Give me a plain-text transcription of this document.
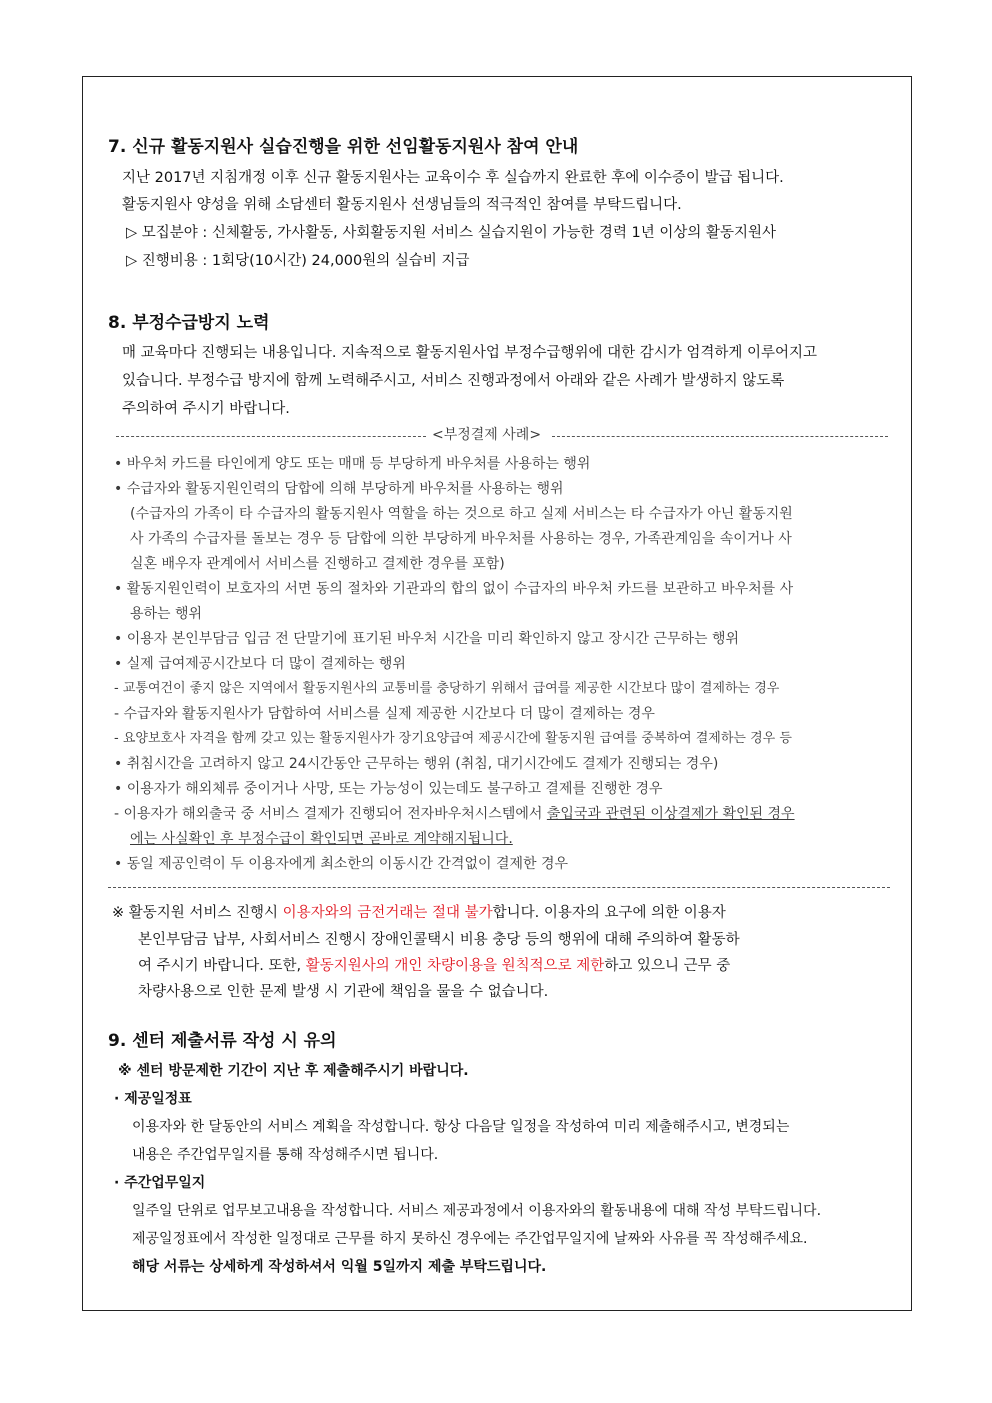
7. 신규 활동지원사 실습진행을 위한 선임활동지원사 참여 안내
지난 2017년 지침개정 이후 신규 활동지원사는 교육이수 후 실습까지 완료한 후에 이수증이 발급 됩니다.
활동지원사 양성을 위해 소담센터 활동지원사 선생님들의 적극적인 참여를 부탁드립니다.
▷ 모집분야 : 신체활동, 가사활동, 사회활동지원 서비스 실습지원이 가능한 경력 1년 이상의 활동지원사
▷ 진행비용 : 1회당(10시간) 24,000원의 실습비 지급
8. 부정수급방지 노력
매 교육마다 진행되는 내용입니다. 지속적으로 활동지원사업 부정수급행위에 대한 감시가 엄격하게 이루어지고
있습니다. 부정수급 방지에 함께 노력해주시고, 서비스 진행과정에서 아래와 같은 사례가 발생하지 않도록
주의하여 주시기 바랍니다.
<부정결제 사례>
• 바우처 카드를 타인에게 양도 또는 매매 등 부당하게 바우처를 사용하는 행위
• 수급자와 활동지원인력의 담합에 의해 부당하게 바우처를 사용하는 행위
(수급자의 가족이 타 수급자의 활동지원사 역할을 하는 것으로 하고 실제 서비스는 타 수급자가 아닌 활동지원
사 가족의 수급자를 돌보는 경우 등 담합에 의한 부당하게 바우처를 사용하는 경우, 가족관계임을 속이거나 사
실혼 배우자 관계에서 서비스를 진행하고 결제한 경우를 포함)
• 활동지원인력이 보호자의 서면 동의 절차와 기관과의 합의 없이 수급자의 바우처 카드를 보관하고 바우처를 사
용하는 행위
• 이용자 본인부담금 입금 전 단말기에 표기된 바우처 시간을 미리 확인하지 않고 장시간 근무하는 행위
• 실제 급여제공시간보다 더 많이 결제하는 행위
- 교통여건이 좋지 않은 지역에서 활동지원사의 교통비를 충당하기 위해서 급여를 제공한 시간보다 많이 결제하는 경우
- 수급자와 활동지원사가 담합하여 서비스를 실제 제공한 시간보다 더 많이 결제하는 경우
- 요양보호사 자격을 함께 갖고 있는 활동지원사가 장기요양급여 제공시간에 활동지원 급여를 중복하여 결제하는 경우 등
• 취침시간을 고려하지 않고 24시간동안 근무하는 행위 (취침, 대기시간에도 결제가 진행되는 경우)
• 이용자가 해외체류 중이거나 사망, 또는 가능성이 있는데도 불구하고 결제를 진행한 경우
- 이용자가 해외출국 중 서비스 결제가 진행되어 전자바우처시스템에서 출입국과 관련된 이상결제가 확인된 경우
에는 사실확인 후 부정수급이 확인되면 곧바로 계약해지됩니다.
• 동일 제공인력이 두 이용자에게 최소한의 이동시간 간격없이 결제한 경우
※ 활동지원 서비스 진행시 이용자와의 금전거래는 절대 불가합니다. 이용자의 요구에 의한 이용자
본인부담금 납부, 사회서비스 진행시 장애인콜택시 비용 충당 등의 행위에 대해 주의하여 활동하
여 주시기 바랍니다. 또한, 활동지원사의 개인 차량이용을 원칙적으로 제한하고 있으니 근무 중
차량사용으로 인한 문제 발생 시 기관에 책임을 물을 수 없습니다.
9. 센터 제출서류 작성 시 유의
※ 센터 방문제한 기간이 지난 후 제출해주시기 바랍니다.
· 제공일정표
이용자와 한 달동안의 서비스 계획을 작성합니다. 항상 다음달 일정을 작성하여 미리 제출해주시고, 변경되는
내용은 주간업무일지를 통해 작성해주시면 됩니다.
· 주간업무일지
일주일 단위로 업무보고내용을 작성합니다. 서비스 제공과정에서 이용자와의 활동내용에 대해 작성 부탁드립니다.
제공일정표에서 작성한 일정대로 근무를 하지 못하신 경우에는 주간업무일지에 날짜와 사유를 꼭 작성해주세요.
해당 서류는 상세하게 작성하셔서 익월 5일까지 제출 부탁드립니다.
